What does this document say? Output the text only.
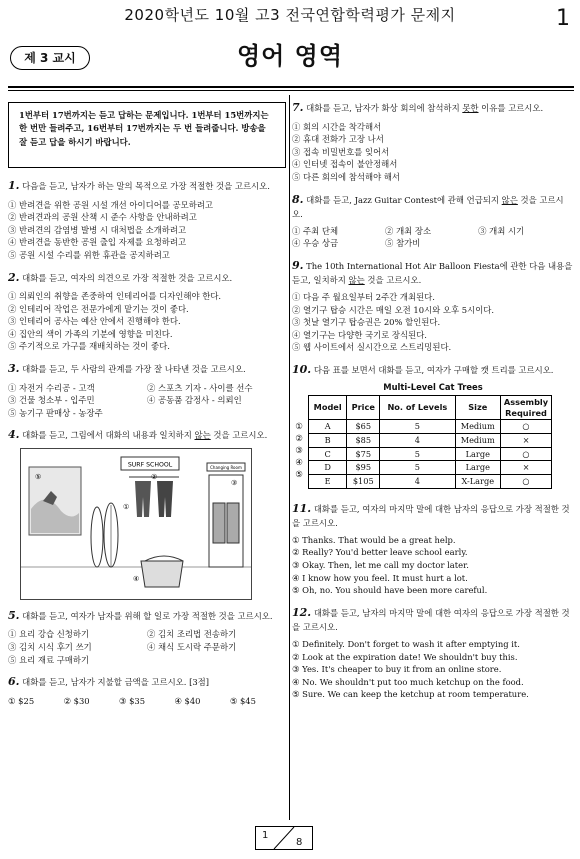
2020학년도 10월 고3 전국연합학력평가 문제지	1
제 3 교시	영어 영역
1번부터 17번까지는 듣고 답하는 문제입니다. 1번부터 15번까지는 한 번만 들려주고, 16번부터 17번까지는 두 번 들려줍니다. 방송을 잘 듣고 답을 하시기 바랍니다.
1. 다음을 듣고, 남자가 하는 말의 목적으로 가장 적절한 것을 고르시오.
① 반려견을 위한 공원 시설 개선 아이디어를 공모하려고
② 반려견과의 공원 산책 시 준수 사항을 안내하려고
③ 반려견의 감염병 발병 시 대처법을 소개하려고
④ 반려견을 동반한 공원 출입 자제를 요청하려고
⑤ 공원 시설 수리를 위한 휴관을 공지하려고
2. 대화를 듣고, 여자의 의견으로 가장 적절한 것을 고르시오.
① 의뢰인의 취향을 존중하여 인테리어를 디자인해야 한다.
② 인테리어 작업은 전문가에게 맡기는 것이 좋다.
③ 인테리어 공사는 예산 안에서 진행해야 한다.
④ 집안의 색이 가족의 기분에 영향을 미친다.
⑤ 주기적으로 가구를 재배치하는 것이 좋다.
3. 대화를 듣고, 두 사람의 관계를 가장 잘 나타낸 것을 고르시오.
① 자전거 수리공 - 고객	② 스포츠 기자 - 사이클 선수
③ 건물 청소부 - 입주민	④ 공동품 감정사 - 의뢰인
⑤ 농기구 판매상 - 농장주
4. 대화를 듣고, 그림에서 대화의 내용과 일치하지 않는 것을 고르시오.
SURF SCHOOL	Changing Room
①
②
③
④
⑤
5. 대화를 듣고, 여자가 남자를 위해 할 일로 가장 적절한 것을 고르시오.
① 요리 강습 신청하기	② 김치 조리법 전송하기
③ 김치 시식 후기 쓰기	④ 채식 도시락 주문하기
⑤ 요리 재료 구매하기
6. 대화를 듣고, 남자가 지불할 금액을 고르시오. [3점]
① $25	② $30	③ $35	④ $40	⑤ $45
7. 대화를 듣고, 남자가 화상 회의에 참석하지 못한 이유를 고르시오.
① 회의 시간을 착각해서
② 휴대 전화가 고장 나서
③ 접속 비밀번호를 잊어서
④ 인터넷 접속이 불안정해서
⑤ 다른 회의에 참석해야 해서
8. 대화를 듣고, Jazz Guitar Contest에 관해 언급되지 않은 것을 고르시오.
① 주최 단체	② 개최 장소	③ 개최 시기
④ 우승 상금	⑤ 참가비
9. The 10th International Hot Air Balloon Fiesta에 관한 다음 내용을 듣고, 일치하지 않는 것을 고르시오.
① 다음 주 월요일부터 2주간 개최된다.
② 열기구 탑승 시간은 매일 오전 10시와 오후 5시이다.
③ 첫날 열기구 탑승권은 20% 할인된다.
④ 열기구는 다양한 국기로 장식된다.
⑤ 웹 사이트에서 실시간으로 스트리밍된다.
10. 다음 표를 보면서 대화를 듣고, 여자가 구매할 캣 트리를 고르시오.
Multi-Level Cat Trees
Model	Price	No. of Levels	Size	Assembly Required
A	$65	5	Medium	○
B	$85	4	Medium	×
C	$75	5	Large	○
D	$95	5	Large	×
E	$105	4	X-Large	○
①
②
③
④
⑤
11. 대화를 듣고, 여자의 마지막 말에 대한 남자의 응답으로 가장 적절한 것을 고르시오.
① Thanks. That would be a great help.
② Really? You'd better leave school early.
③ Okay. Then, let me call my doctor later.
④ I know how you feel. It must hurt a lot.
⑤ Oh, no. You should have been more careful.
12. 대화를 듣고, 남자의 마지막 말에 대한 여자의 응답으로 가장 적절한 것을 고르시오.
① Definitely. Don't forget to wash it after emptying it.
② Look at the expiration date! We shouldn't buy this.
③ Yes. It's cheaper to buy it from an online store.
④ No. We shouldn't put too much ketchup on the food.
⑤ Sure. We can keep the ketchup at room temperature.
1
8
